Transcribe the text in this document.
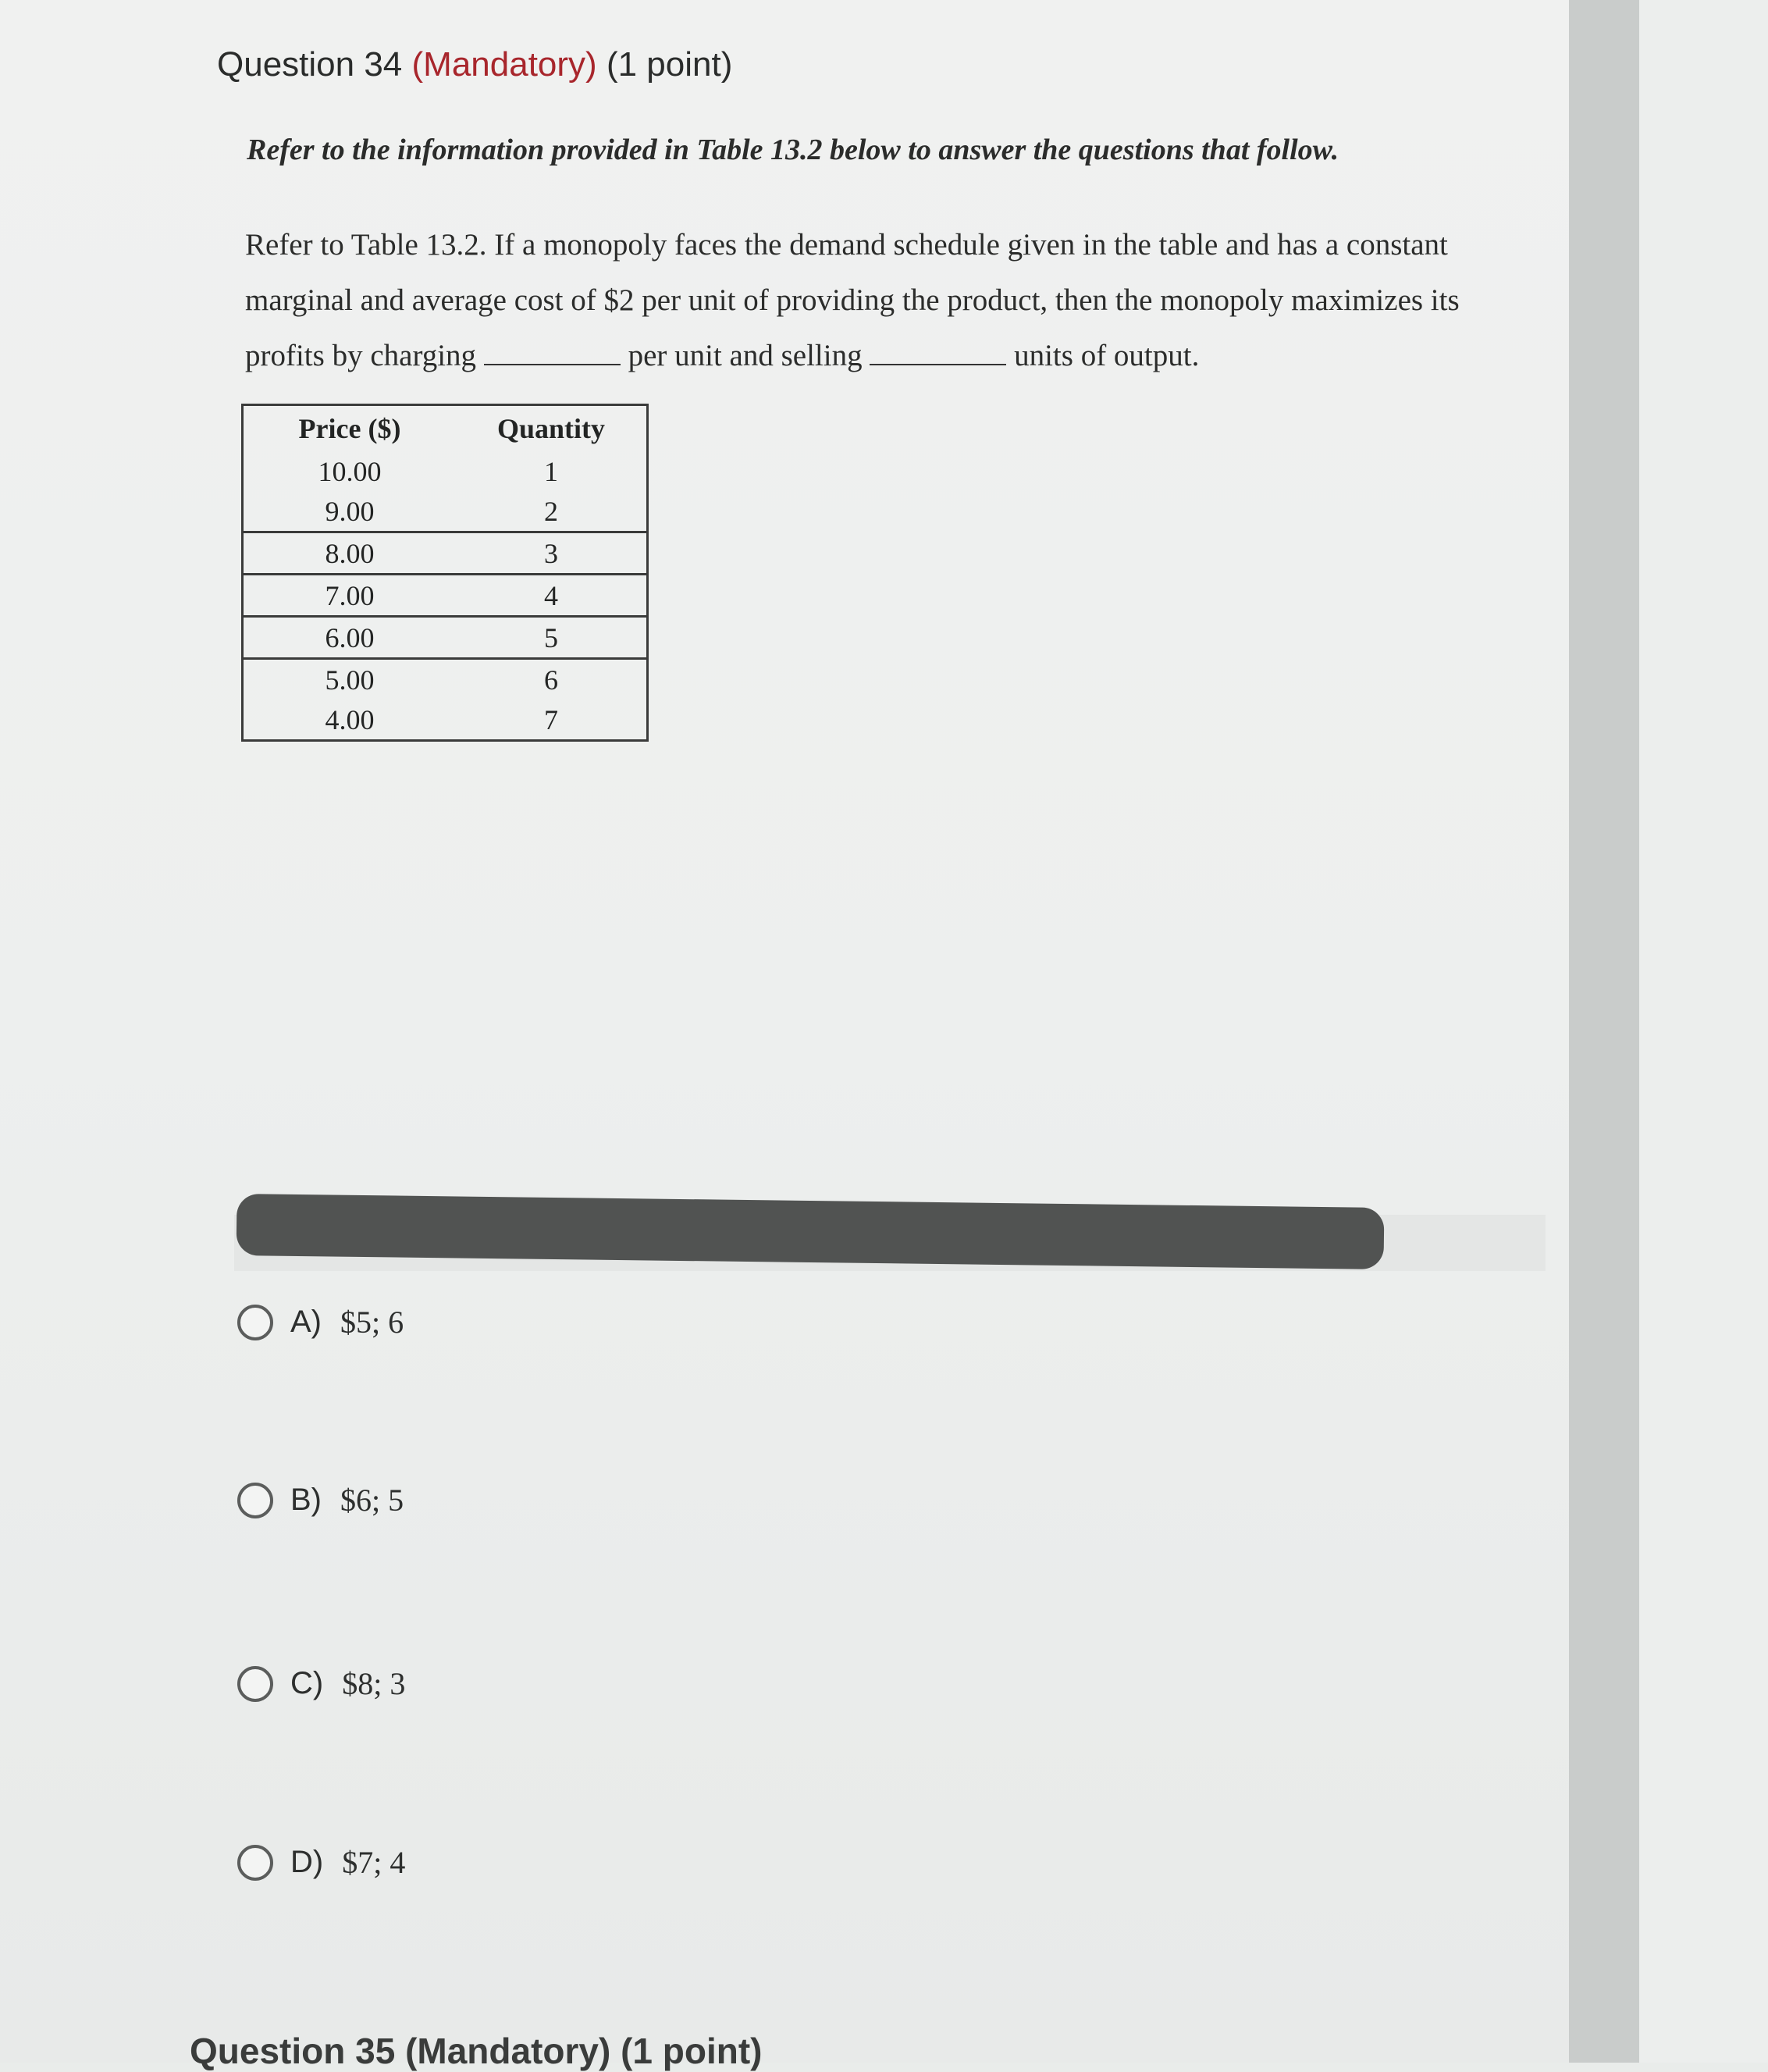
Question 34 (Mandatory) (1 point)
Refer to the information provided in Table 13.2 below to answer the questions that follow.
Refer to Table 13.2. If a monopoly faces the demand schedule given in the table and has a constant marginal and average cost of $2 per unit of providing the product, then the monopoly maximizes its profits by charging	per unit and selling	units of output.
Price ($)	Quantity
10.00	1
9.00	2
8.00	3
7.00	4
6.00	5
5.00	6
4.00	7
A) $5; 6
B) $6; 5
C) $8; 3
D) $7; 4
Question 35 (Mandatory) (1 point)
